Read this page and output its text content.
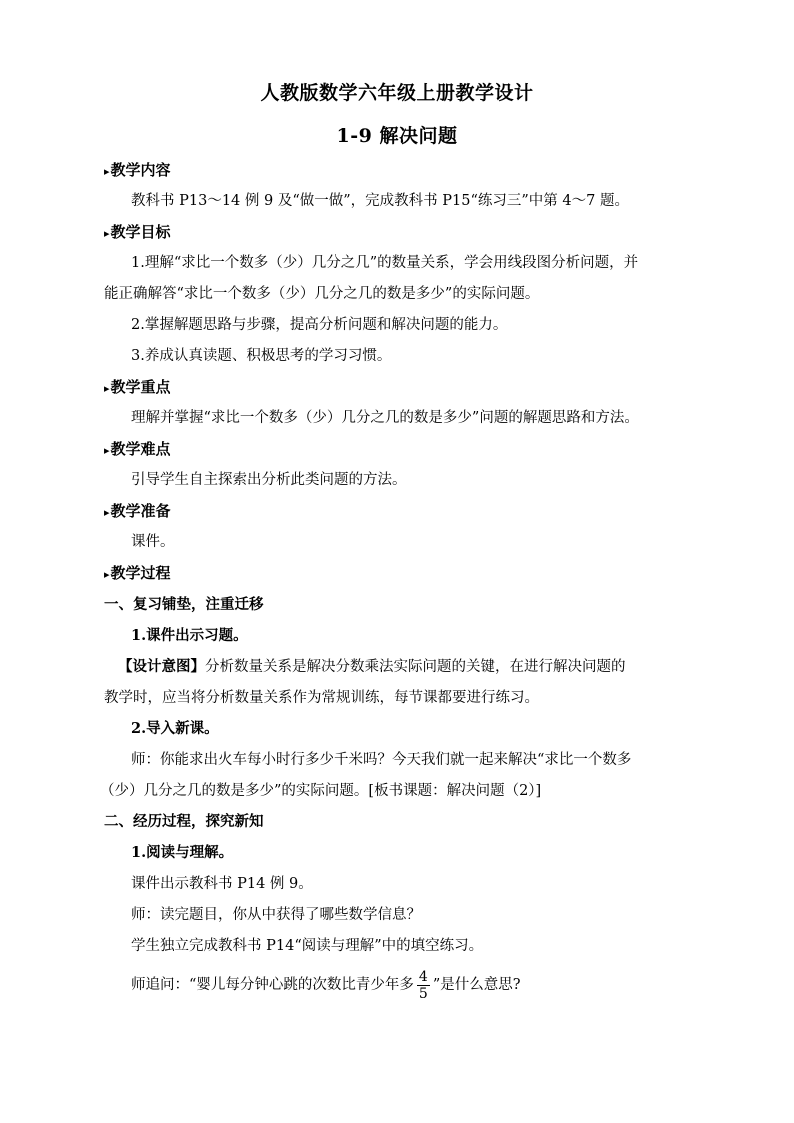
人教版数学六年级上册教学设计
1-9 解决问题
▸教学内容
教科书 P13～14 例 9 及“做一做”，完成教科书 P15“练习三”中第 4～7 题。
▸教学目标
1.理解“求比一个数多（少）几分之几”的数量关系，学会用线段图分析问题，并
能正确解答“求比一个数多（少）几分之几的数是多少”的实际问题。
2.掌握解题思路与步骤，提高分析问题和解决问题的能力。
3.养成认真读题、积极思考的学习习惯。
▸教学重点
理解并掌握“求比一个数多（少）几分之几的数是多少”问题的解题思路和方法。
▸教学难点
引导学生自主探索出分析此类问题的方法。
▸教学准备
课件。
▸教学过程
一、复习铺垫，注重迁移
1.课件出示习题。
【设计意图】分析数量关系是解决分数乘法实际问题的关键，在进行解决问题的
教学时，应当将分析数量关系作为常规训练，每节课都要进行练习。
2.导入新课。
师：你能求出火车每小时行多少千米吗？今天我们就一起来解决“求比一个数多
（少）几分之几的数是多少”的实际问题。[板书课题：解决问题（2）]
二、经历过程，探究新知
1.阅读与理解。
课件出示教科书 P14 例 9。
师：读完题目，你从中获得了哪些数学信息？
学生独立完成教科书 P14“阅读与理解”中的填空练习。
师追问：“婴儿每分钟心跳的次数比青少年多 $\frac{4}{5}$ ”是什么意思?
